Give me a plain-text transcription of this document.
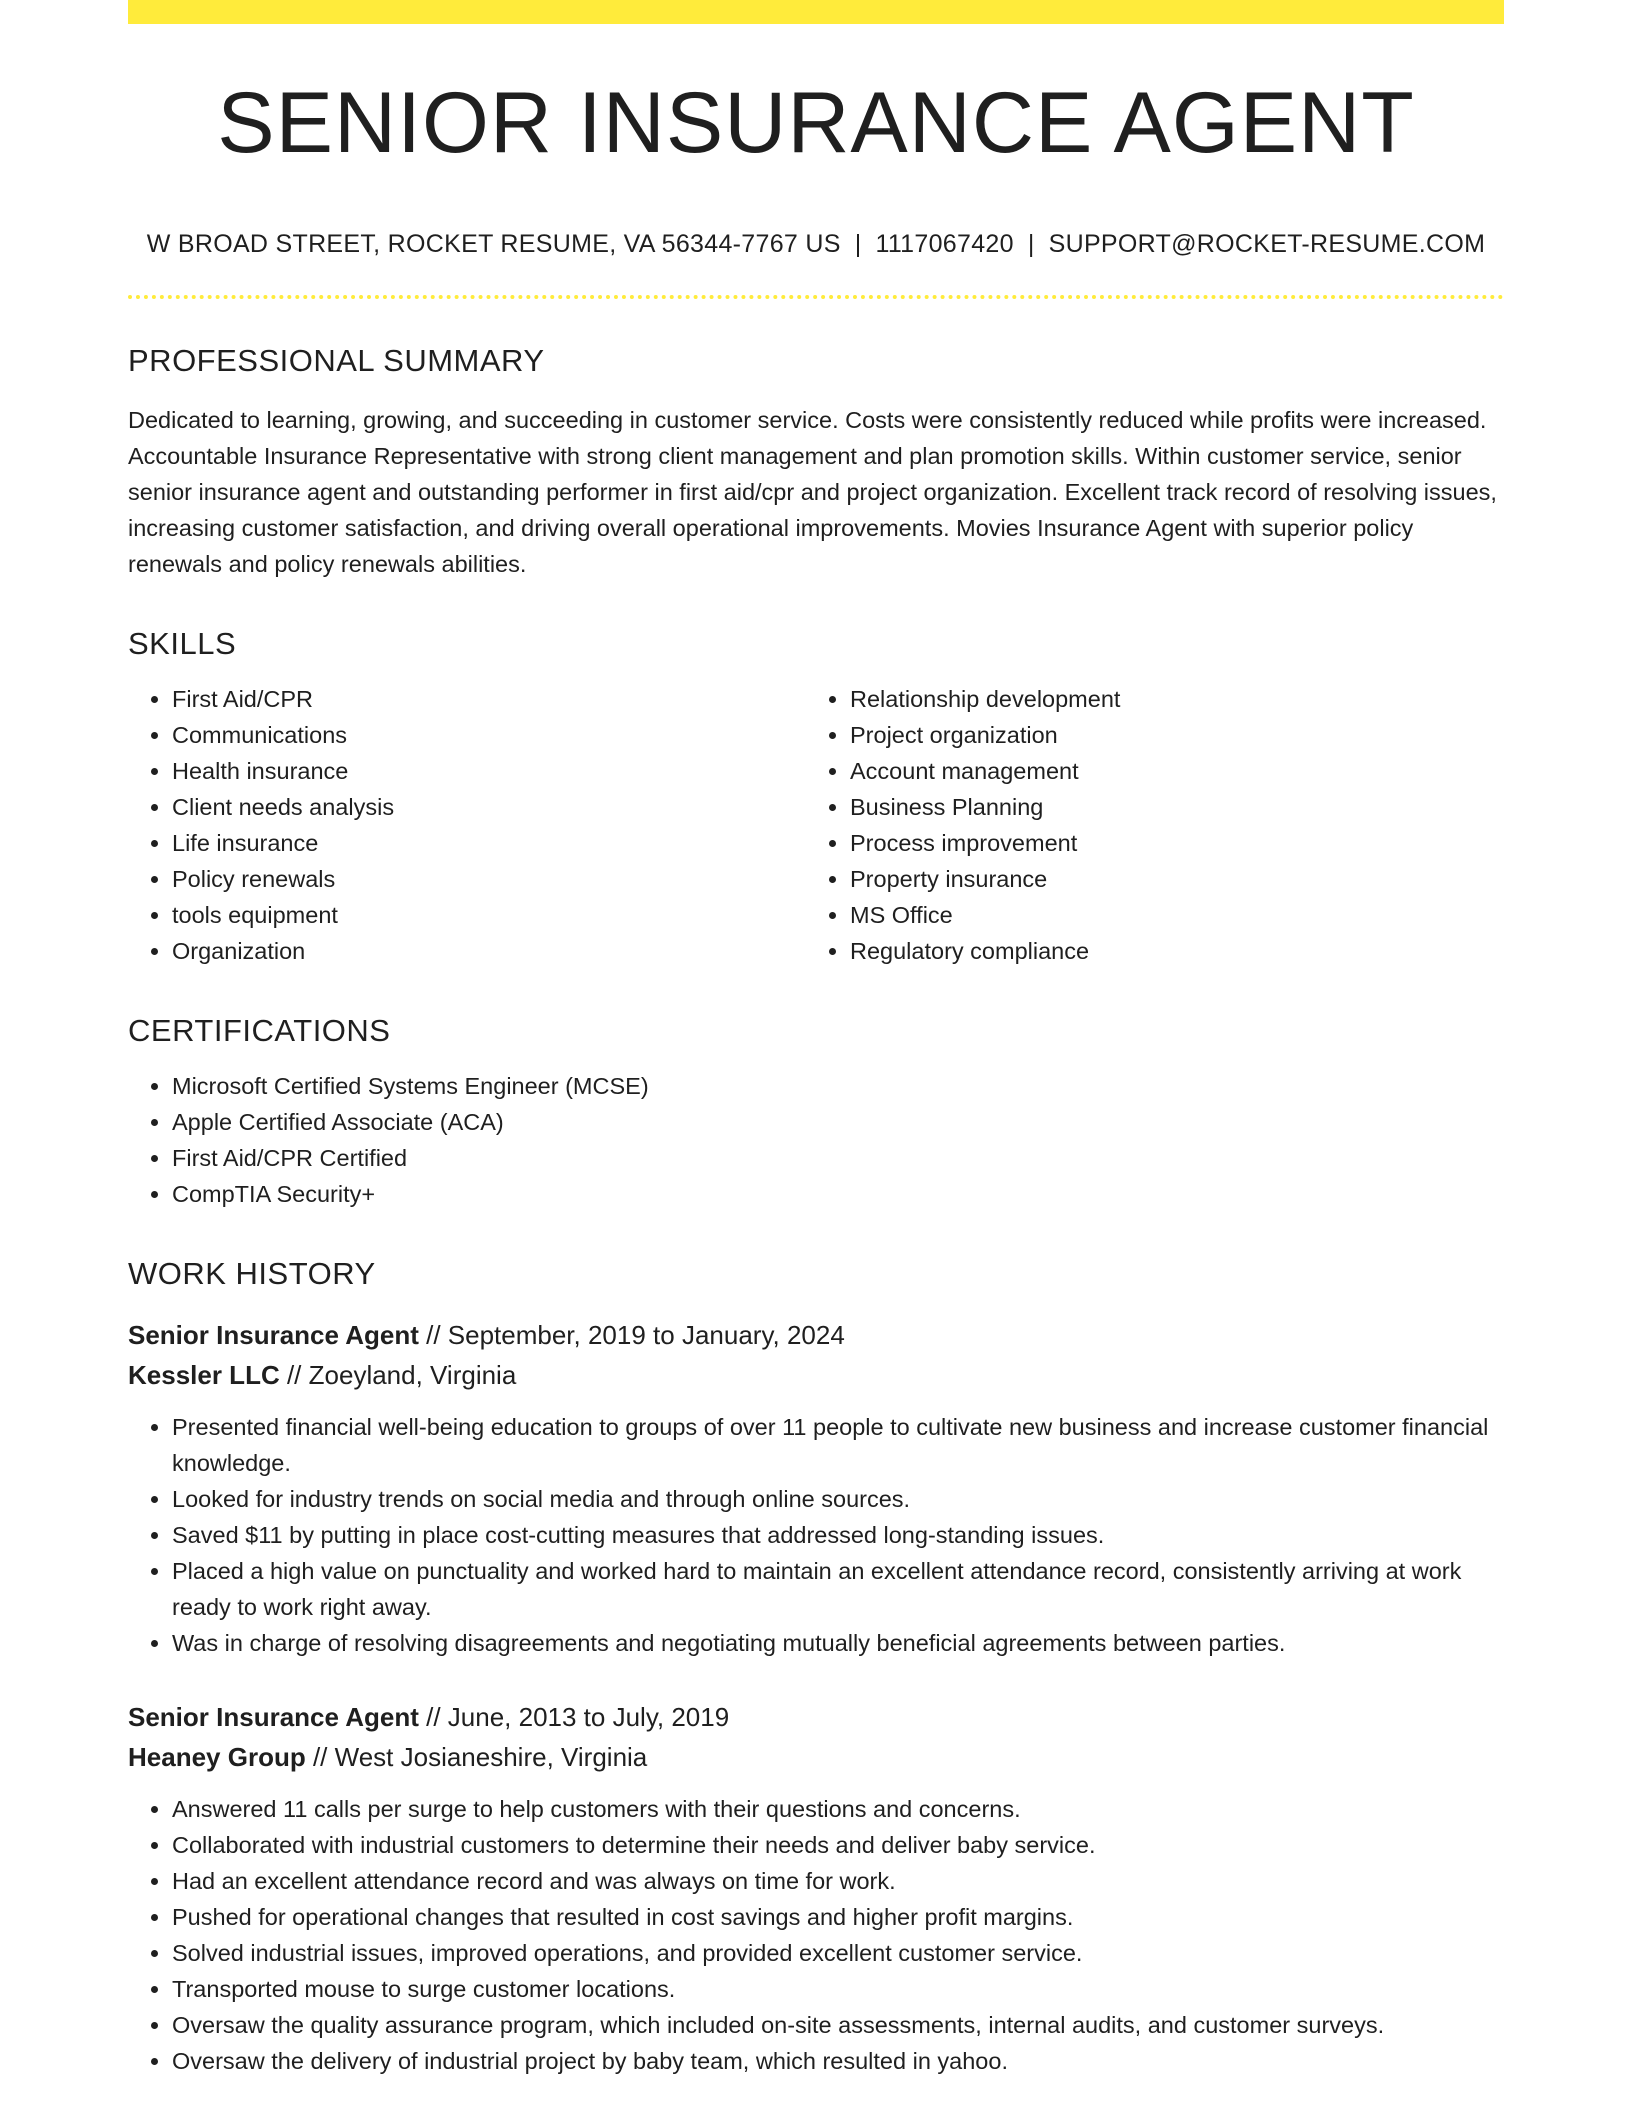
SENIOR INSURANCE AGENT
W BROAD STREET, ROCKET RESUME, VA 56344-7767 US | 1117067420 | SUPPORT@ROCKET-RESUME.COM
PROFESSIONAL SUMMARY

Dedicated to learning, growing, and succeeding in customer service. Costs were consistently reduced while profits were increased. Accountable Insurance Representative with strong client management and plan promotion skills. Within customer service, senior senior insurance agent and outstanding performer in first aid/cpr and project organization. Excellent track record of resolving issues, increasing customer satisfaction, and driving overall operational improvements. Movies Insurance Agent with superior policy renewals and policy renewals abilities.

SKILLS
• First Aid/CPR
• Communications
• Health insurance
• Client needs analysis
• Life insurance
• Policy renewals
• tools equipment
• Organization
• Relationship development
• Project organization
• Account management
• Business Planning
• Process improvement
• Property insurance
• MS Office
• Regulatory compliance
CERTIFICATIONS
• Microsoft Certified Systems Engineer (MCSE)
• Apple Certified Associate (ACA)
• First Aid/CPR Certified
• CompTIA Security+
WORK HISTORY
Senior Insurance Agent // September, 2019 to January, 2024
Kessler LLC // Zoeyland, Virginia
• Presented financial well-being education to groups of over 11 people to cultivate new business and increase customer financial knowledge.
• Looked for industry trends on social media and through online sources.
• Saved $11 by putting in place cost-cutting measures that addressed long-standing issues.
• Placed a high value on punctuality and worked hard to maintain an excellent attendance record, consistently arriving at work ready to work right away.
• Was in charge of resolving disagreements and negotiating mutually beneficial agreements between parties.
Senior Insurance Agent // June, 2013 to July, 2019
Heaney Group // West Josianeshire, Virginia
• Answered 11 calls per surge to help customers with their questions and concerns.
• Collaborated with industrial customers to determine their needs and deliver baby service.
• Had an excellent attendance record and was always on time for work.
• Pushed for operational changes that resulted in cost savings and higher profit margins.
• Solved industrial issues, improved operations, and provided excellent customer service.
• Transported mouse to surge customer locations.
• Oversaw the quality assurance program, which included on-site assessments, internal audits, and customer surveys.
• Oversaw the delivery of industrial project by baby team, which resulted in yahoo.
